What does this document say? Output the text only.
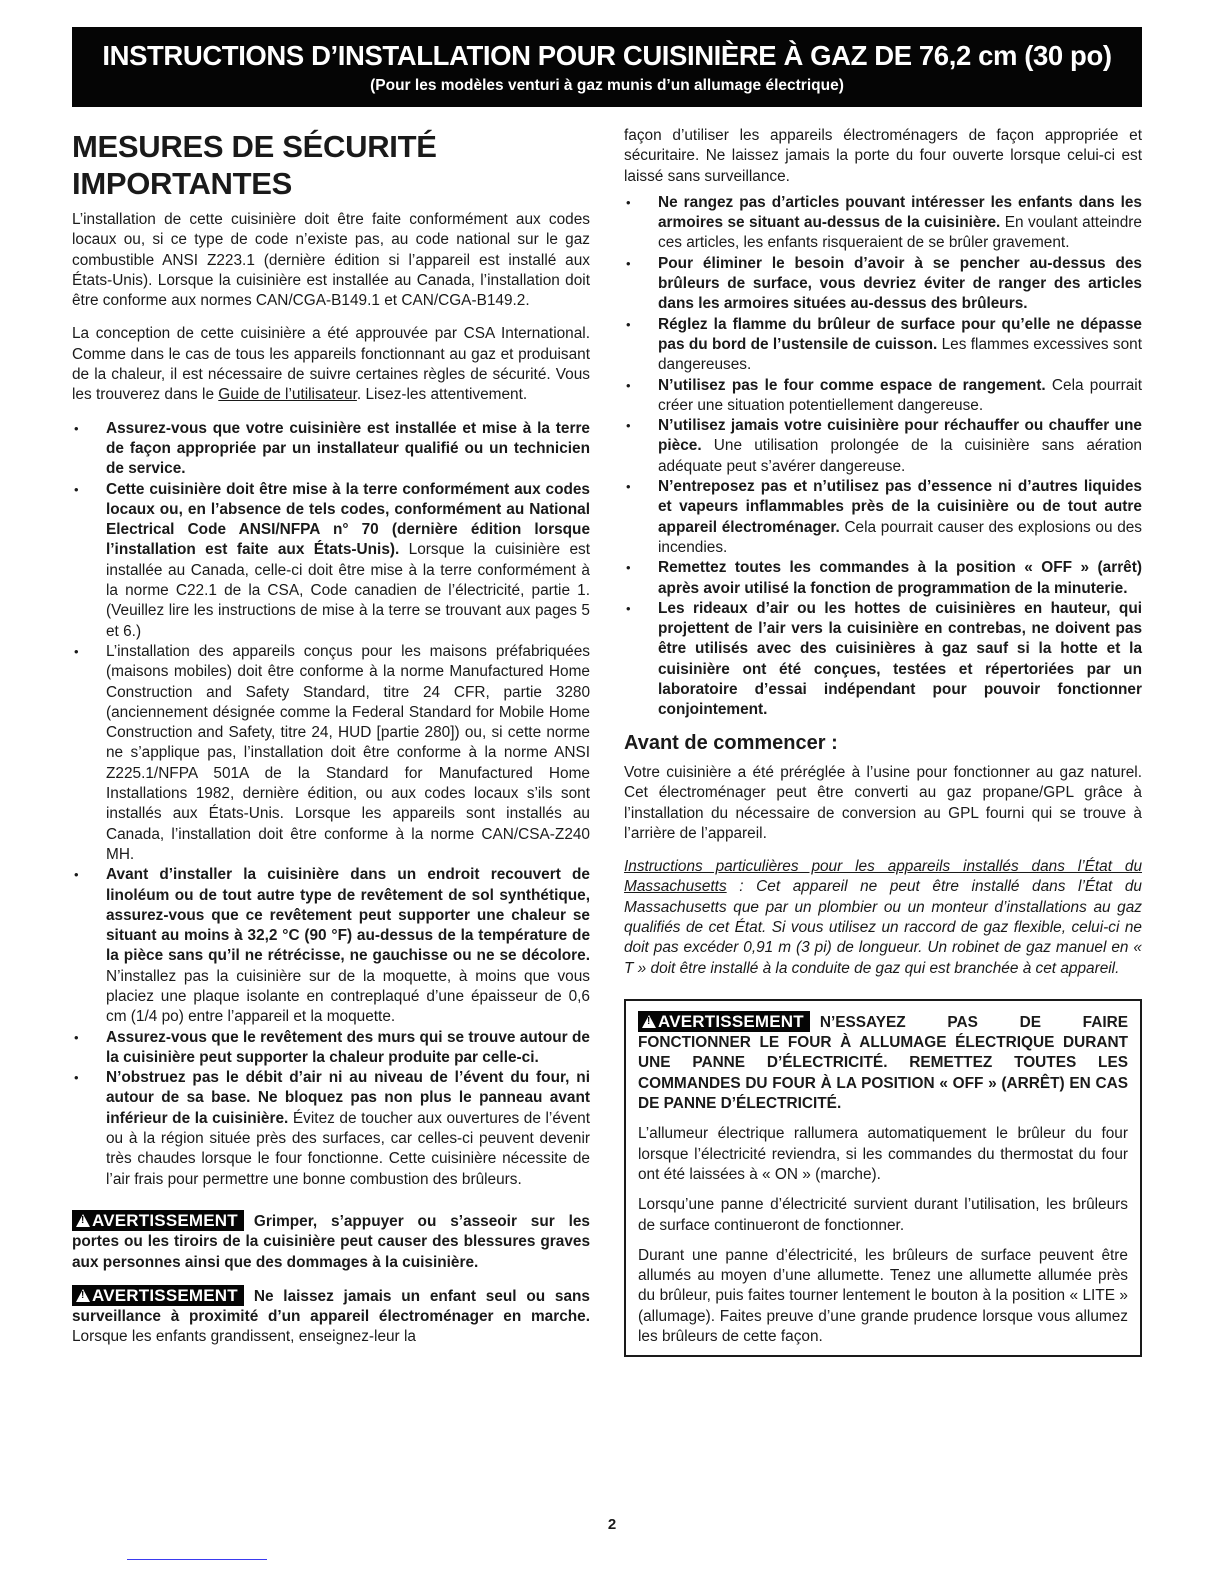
INSTRUCTIONS D’INSTALLATION POUR CUISINIÈRE À GAZ DE 76,2 cm (30 po)
(Pour les modèles venturi à gaz munis d’un allumage électrique)
MESURES DE SÉCURITÉ IMPORTANTES

L’installation de cette cuisinière doit être faite conformément aux codes locaux ou, si ce type de code n’existe pas, au code national sur le gaz combustible ANSI Z223.1 (dernière édition si l’appareil est installé aux États-Unis). Lorsque la cuisinière est installée au Canada, l’installation doit être conforme aux normes CAN/CGA-B149.1 et CAN/CGA-B149.2.

La conception de cette cuisinière a été approuvée par CSA International. Comme dans le cas de tous les appareils fonctionnant au gaz et produisant de la chaleur, il est nécessaire de suivre certaines règles de sécurité. Vous les trouverez dans le Guide de l’utilisateur. Lisez-les attentivement.

• Assurez-vous que votre cuisinière est installée et mise à la terre de façon appropriée par un installateur qualifié ou un technicien de service.
• Cette cuisinière doit être mise à la terre conformément aux codes locaux ou, en l’absence de tels codes, conformément au National Electrical Code ANSI/NFPA n° 70 (dernière édition lorsque l’installation est faite aux États-Unis). Lorsque la cuisinière est installée au Canada, celle-ci doit être mise à la terre conformément à la norme C22.1 de la CSA, Code canadien de l’électricité, partie 1. (Veuillez lire les instructions de mise à la terre se trouvant aux pages 5 et 6.)
• L’installation des appareils conçus pour les maisons préfabriquées (maisons mobiles) doit être conforme à la norme Manufactured Home Construction and Safety Standard, titre 24 CFR, partie 3280 (anciennement désignée comme la Federal Standard for Mobile Home Construction and Safety, titre 24, HUD [partie 280]) ou, si cette norme ne s’applique pas, l’installation doit être conforme à la norme ANSI Z225.1/NFPA 501A de la Standard for Manufactured Home Installations 1982, dernière édition, ou aux codes locaux s’ils sont installés aux États-Unis. Lorsque les appareils sont installés au Canada, l’installation doit être conforme à la norme CAN/CSA-Z240 MH.
• Avant d’installer la cuisinière dans un endroit recouvert de linoléum ou de tout autre type de revêtement de sol synthétique, assurez-vous que ce revêtement peut supporter une chaleur se situant au moins à 32,2 °C (90 °F) au-dessus de la température de la pièce sans qu’il ne rétrécisse, ne gauchisse ou ne se décolore. N’installez pas la cuisinière sur de la moquette, à moins que vous placiez une plaque isolante en contreplaqué d’une épaisseur de 0,6 cm (1/4 po) entre l’appareil et la moquette.
• Assurez-vous que le revêtement des murs qui se trouve autour de la cuisinière peut supporter la chaleur produite par celle-ci.
• N’obstruez pas le débit d’air ni au niveau de l’évent du four, ni autour de sa base. Ne bloquez pas non plus le panneau avant inférieur de la cuisinière. Évitez de toucher aux ouvertures de l’évent ou à la région située près des surfaces, car celles-ci peuvent devenir très chaudes lorsque le four fonctionne. Cette cuisinière nécessite de l’air frais pour permettre une bonne combustion des brûleurs.

!AVERTISSEMENT Grimper, s’appuyer ou s’asseoir sur les portes ou les tiroirs de la cuisinière peut causer des blessures graves aux personnes ainsi que des dommages à la cuisinière.

!AVERTISSEMENT Ne laissez jamais un enfant seul ou sans surveillance à proximité d’un appareil électroménager en marche. Lorsque les enfants grandissent, enseignez-leur la

façon d’utiliser les appareils électroménagers de façon appropriée et sécuritaire. Ne laissez jamais la porte du four ouverte lorsque celui-ci est laissé sans surveillance.

• Ne rangez pas d’articles pouvant intéresser les enfants dans les armoires se situant au-dessus de la cuisinière. En voulant atteindre ces articles, les enfants risqueraient de se brûler gravement.
• Pour éliminer le besoin d’avoir à se pencher au-dessus des brûleurs de surface, vous devriez éviter de ranger des articles dans les armoires situées au-dessus des brûleurs.
• Réglez la flamme du brûleur de surface pour qu’elle ne dépasse pas du bord de l’ustensile de cuisson. Les flammes excessives sont dangereuses.
• N’utilisez pas le four comme espace de rangement. Cela pourrait créer une situation potentiellement dangereuse.
• N’utilisez jamais votre cuisinière pour réchauffer ou chauffer une pièce. Une utilisation prolongée de la cuisinière sans aération adéquate peut s’avérer dangereuse.
• N’entreposez pas et n’utilisez pas d’essence ni d’autres liquides et vapeurs inflammables près de la cuisinière ou de tout autre appareil électroménager. Cela pourrait causer des explosions ou des incendies.
• Remettez toutes les commandes à la position « OFF » (arrêt) après avoir utilisé la fonction de programmation de la minuterie.
• Les rideaux d’air ou les hottes de cuisinières en hauteur, qui projettent de l’air vers la cuisinière en contrebas, ne doivent pas être utilisés avec des cuisinières à gaz sauf si la hotte et la cuisinière ont été conçues, testées et répertoriées par un laboratoire d’essai indépendant pour pouvoir fonctionner conjointement.
Avant de commencer :

Votre cuisinière a été préréglée à l’usine pour fonctionner au gaz naturel. Cet électroménager peut être converti au gaz propane/GPL grâce à l’installation du nécessaire de conversion au GPL fourni qui se trouve à l’arrière de l’appareil.

Instructions particulières pour les appareils installés dans l’État du Massachusetts : Cet appareil ne peut être installé dans l’État du Massachusetts que par un plombier ou un monteur d’installations au gaz qualifiés de cet État. Si vous utilisez un raccord de gaz flexible, celui-ci ne doit pas excéder 0,91 m (3 pi) de longueur. Un robinet de gaz manuel en « T » doit être installé à la conduite de gaz qui est branchée à cet appareil.

!AVERTISSEMENT N’ESSAYEZ PAS DE FAIRE FONCTIONNER LE FOUR À ALLUMAGE ÉLECTRIQUE DURANT UNE PANNE D’ÉLECTRICITÉ. REMETTEZ TOUTES LES COMMANDES DU FOUR À LA POSITION « OFF » (ARRÊT) EN CAS DE PANNE D’ÉLECTRICITÉ.

L’allumeur électrique rallumera automatiquement le brûleur du four lorsque l’électricité reviendra, si les commandes du thermostat du four ont été laissées à « ON » (marche).

Lorsqu’une panne d’électricité survient durant l’utilisation, les brûleurs de surface continueront de fonctionner.

Durant une panne d’électricité, les brûleurs de surface peuvent être allumés au moyen d’une allumette. Tenez une allumette allumée près du brûleur, puis faites tourner lentement le bouton à la position « LITE » (allumage). Faites preuve d’une grande prudence lorsque vous allumez les brûleurs de cette façon.

2
